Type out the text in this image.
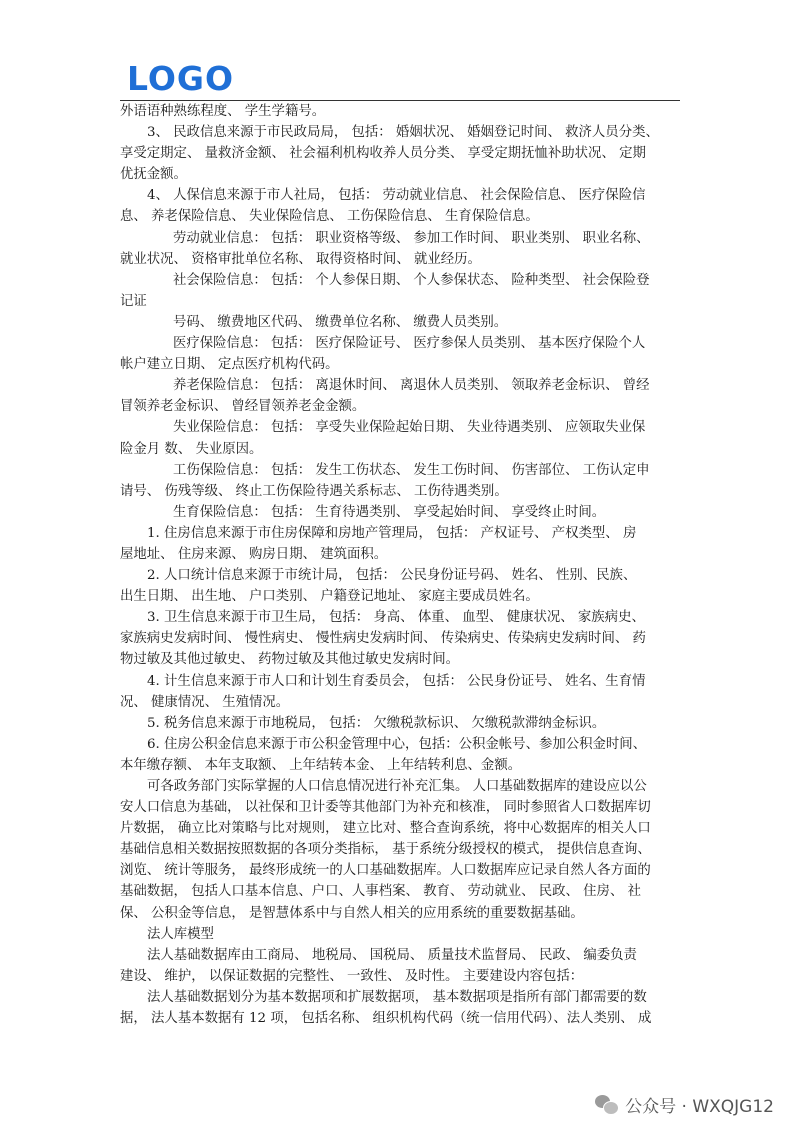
LOGO
外语语种熟练程度、 学生学籍号。
3、 民政信息来源于市民政局局， 包括： 婚姻状况、 婚姻登记时间、 救济人员分类、
享受定期定、 量救济金额、 社会福利机构收养人员分类、 享受定期抚恤补助状况、 定期
优抚金额。
4、 人保信息来源于市人社局， 包括： 劳动就业信息、 社会保险信息、 医疗保险信
息、 养老保险信息、 失业保险信息、 工伤保险信息、 生育保险信息。
劳动就业信息： 包括： 职业资格等级、 参加工作时间、 职业类别、 职业名称、
就业状况、 资格审批单位名称、 取得资格时间、 就业经历。
社会保险信息： 包括： 个人参保日期、 个人参保状态、 险种类型、 社会保险登
记证
号码、 缴费地区代码、 缴费单位名称、 缴费人员类别。
医疗保险信息： 包括： 医疗保险证号、 医疗参保人员类别、 基本医疗保险个人
帐户建立日期、 定点医疗机构代码。
养老保险信息： 包括： 离退休时间、 离退休人员类别、 领取养老金标识、 曾经
冒领养老金标识、 曾经冒领养老金金额。
失业保险信息： 包括： 享受失业保险起始日期、 失业待遇类别、 应领取失业保
险金月 数、 失业原因。
工伤保险信息： 包括： 发生工伤状态、 发生工伤时间、 伤害部位、 工伤认定申
请号、 伤残等级、 终止工伤保险待遇关系标志、 工伤待遇类别。
生育保险信息： 包括： 生育待遇类别、 享受起始时间、 享受终止时间。
1. 住房信息来源于市住房保障和房地产管理局， 包括： 产权证号、 产权类型、 房
屋地址、 住房来源、 购房日期、 建筑面积。
2. 人口统计信息来源于市统计局， 包括： 公民身份证号码、 姓名、 性别、民族、
出生日期、 出生地、 户口类别、 户籍登记地址、 家庭主要成员姓名。
3. 卫生信息来源于市卫生局， 包括： 身高、 体重、 血型、 健康状况、 家族病史、
家族病史发病时间、 慢性病史、 慢性病史发病时间、 传染病史、传染病史发病时间、 药
物过敏及其他过敏史、 药物过敏及其他过敏史发病时间。
4. 计生信息来源于市人口和计划生育委员会， 包括： 公民身份证号、 姓名、生育情
况、 健康情况、 生殖情况。
5. 税务信息来源于市地税局， 包括： 欠缴税款标识、 欠缴税款滞纳金标识。
6. 住房公积金信息来源于市公积金管理中心，包括：公积金帐号、参加公积金时间、
本年缴存额、 本年支取额、 上年结转本金、 上年结转利息、金额。
可各政务部门实际掌握的人口信息情况进行补充汇集。 人口基础数据库的建设应以公
安人口信息为基础， 以社保和卫计委等其他部门为补充和核准， 同时参照省人口数据库切
片数据， 确立比对策略与比对规则， 建立比对、整合查询系统，将中心数据库的相关人口
基础信息相关数据按照数据的各项分类指标， 基于系统分级授权的模式， 提供信息查询、
浏览、 统计等服务， 最终形成统一的人口基础数据库。人口数据库应记录自然人各方面的
基础数据， 包括人口基本信息、户口、人事档案、 教育、 劳动就业、 民政、 住房、 社
保、 公积金等信息， 是智慧体系中与自然人相关的应用系统的重要数据基础。
法人库模型
法人基础数据库由工商局、 地税局、 国税局、 质量技术监督局、 民政、 编委负责
建设、 维护， 以保证数据的完整性、 一致性、 及时性。 主要建设内容包括：
法人基础数据划分为基本数据项和扩展数据项， 基本数据项是指所有部门都需要的数
据， 法人基本数据有 12 项， 包括名称、 组织机构代码（统一信用代码）、法人类别、 成
公众号 · WXQJG12
